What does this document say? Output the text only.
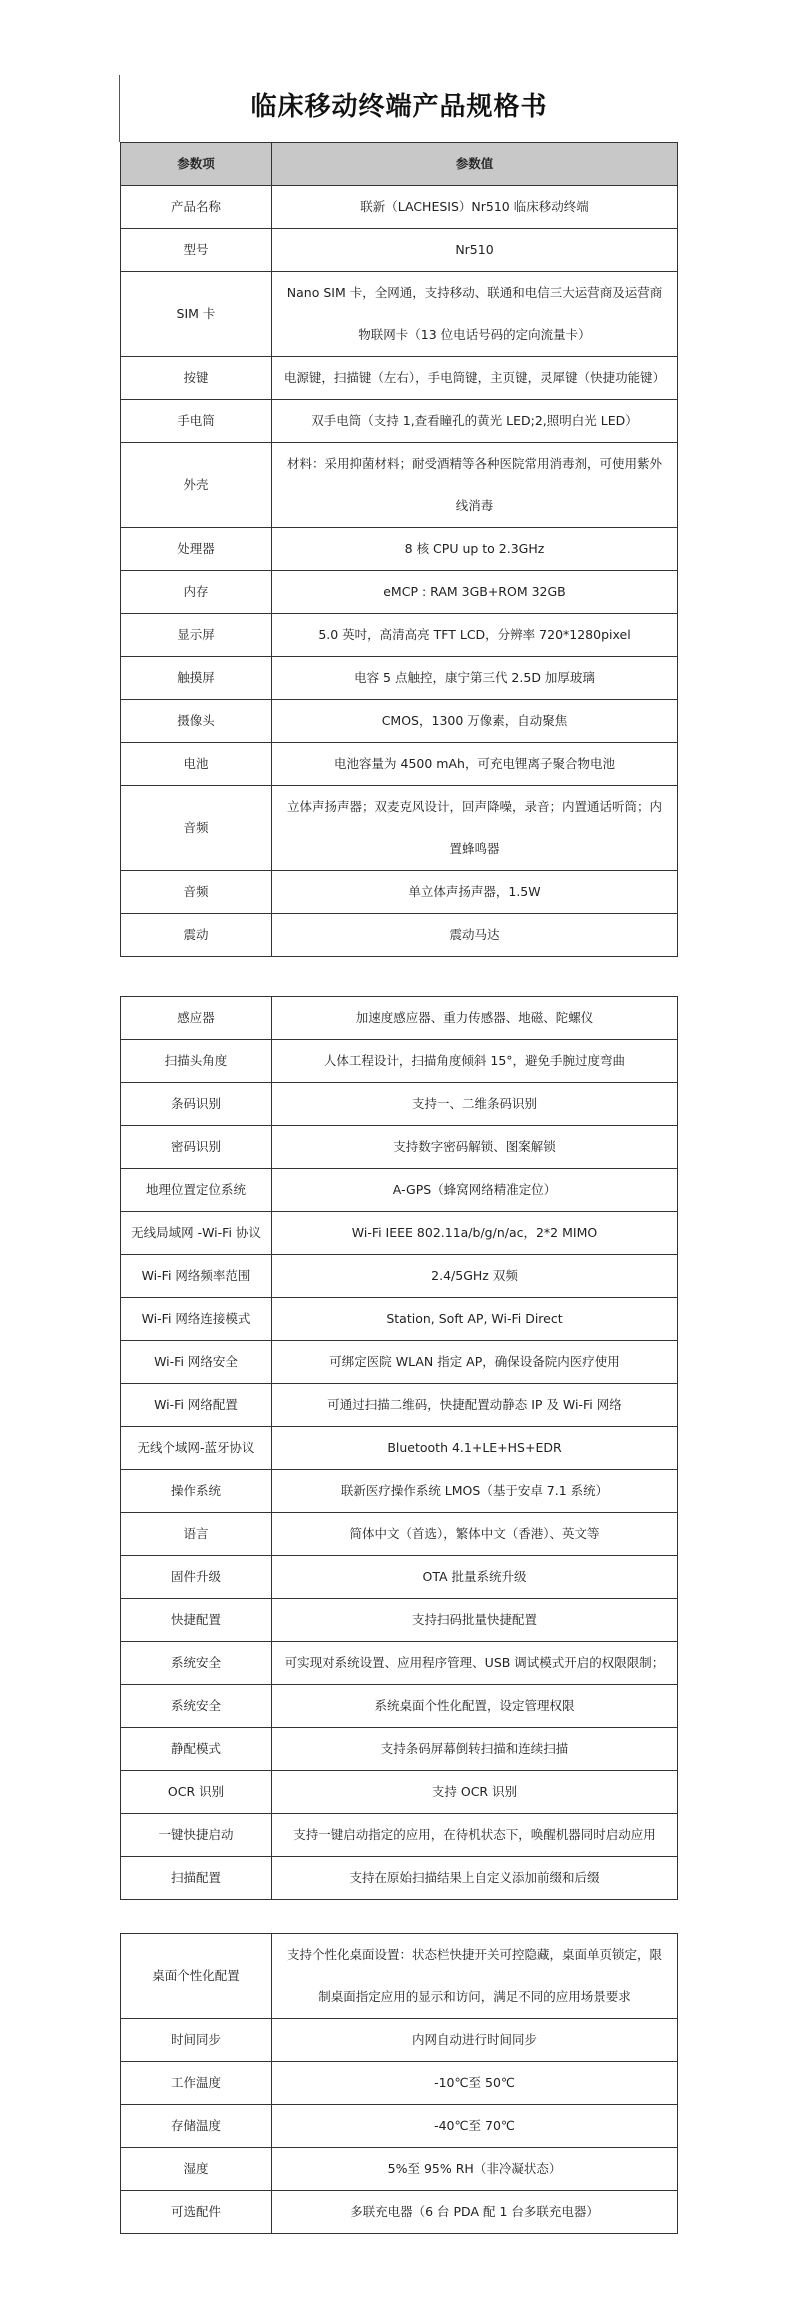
临床移动终端产品规格书
参数项	参数值
产品名称	联新（LACHESIS）Nr510 临床移动终端
型号	Nr510
SIM 卡	Nano SIM 卡，全网通，支持移动、联通和电信三大运营商及运营商物联网卡（13 位电话号码的定向流量卡）
按键	电源键，扫描键（左右），手电筒键，主页键，灵犀键（快捷功能键）
手电筒	双手电筒（支持 1,查看瞳孔的黄光 LED;2,照明白光 LED）
外壳	材料：采用抑菌材料；耐受酒精等各种医院常用消毒剂，可使用紫外线消毒
处理器	8 核 CPU up to 2.3GHz
内存	eMCP : RAM 3GB+ROM 32GB
显示屏	5.0 英吋，高清高亮 TFT LCD，分辨率 720*1280pixel
触摸屏	电容 5 点触控，康宁第三代 2.5D 加厚玻璃
摄像头	CMOS，1300 万像素，自动聚焦
电池	电池容量为 4500 mAh，可充电锂离子聚合物电池
音频	立体声扬声器；双麦克风设计，回声降噪，录音；内置通话听筒；内置蜂鸣器
音频	单立体声扬声器，1.5W
震动	震动马达
感应器	加速度感应器、重力传感器、地磁、陀螺仪
扫描头角度	人体工程设计，扫描角度倾斜 15°，避免手腕过度弯曲
条码识别	支持一、二维条码识别
密码识别	支持数字密码解锁、图案解锁
地理位置定位系统	A-GPS（蜂窝网络精准定位）
无线局域网 -Wi-Fi 协议	Wi-Fi IEEE 802.11a/b/g/n/ac，2*2 MIMO
Wi-Fi 网络频率范围	2.4/5GHz 双频
Wi-Fi 网络连接模式	Station, Soft AP, Wi-Fi Direct
Wi-Fi 网络安全	可绑定医院 WLAN 指定 AP，确保设备院内医疗使用
Wi-Fi 网络配置	可通过扫描二维码，快捷配置动静态 IP 及 Wi-Fi 网络
无线个域网-蓝牙协议	Bluetooth 4.1+LE+HS+EDR
操作系统	联新医疗操作系统 LMOS（基于安卓 7.1 系统）
语言	简体中文（首选），繁体中文（香港）、英文等
固件升级	OTA 批量系统升级
快捷配置	支持扫码批量快捷配置
系统安全	可实现对系统设置、应用程序管理、USB 调试模式开启的权限限制；
系统安全	系统桌面个性化配置，设定管理权限
静配模式	支持条码屏幕倒转扫描和连续扫描
OCR 识别	支持 OCR 识别
一键快捷启动	支持一键启动指定的应用，在待机状态下，唤醒机器同时启动应用
扫描配置	支持在原始扫描结果上自定义添加前缀和后缀
桌面个性化配置	支持个性化桌面设置：状态栏快捷开关可控隐藏，桌面单页锁定，限制桌面指定应用的显示和访问，满足不同的应用场景要求
时间同步	内网自动进行时间同步
工作温度	-10℃至 50℃
存储温度	-40℃至 70℃
湿度	5%至 95% RH（非冷凝状态）
可选配件	多联充电器（6 台 PDA 配 1 台多联充电器）
